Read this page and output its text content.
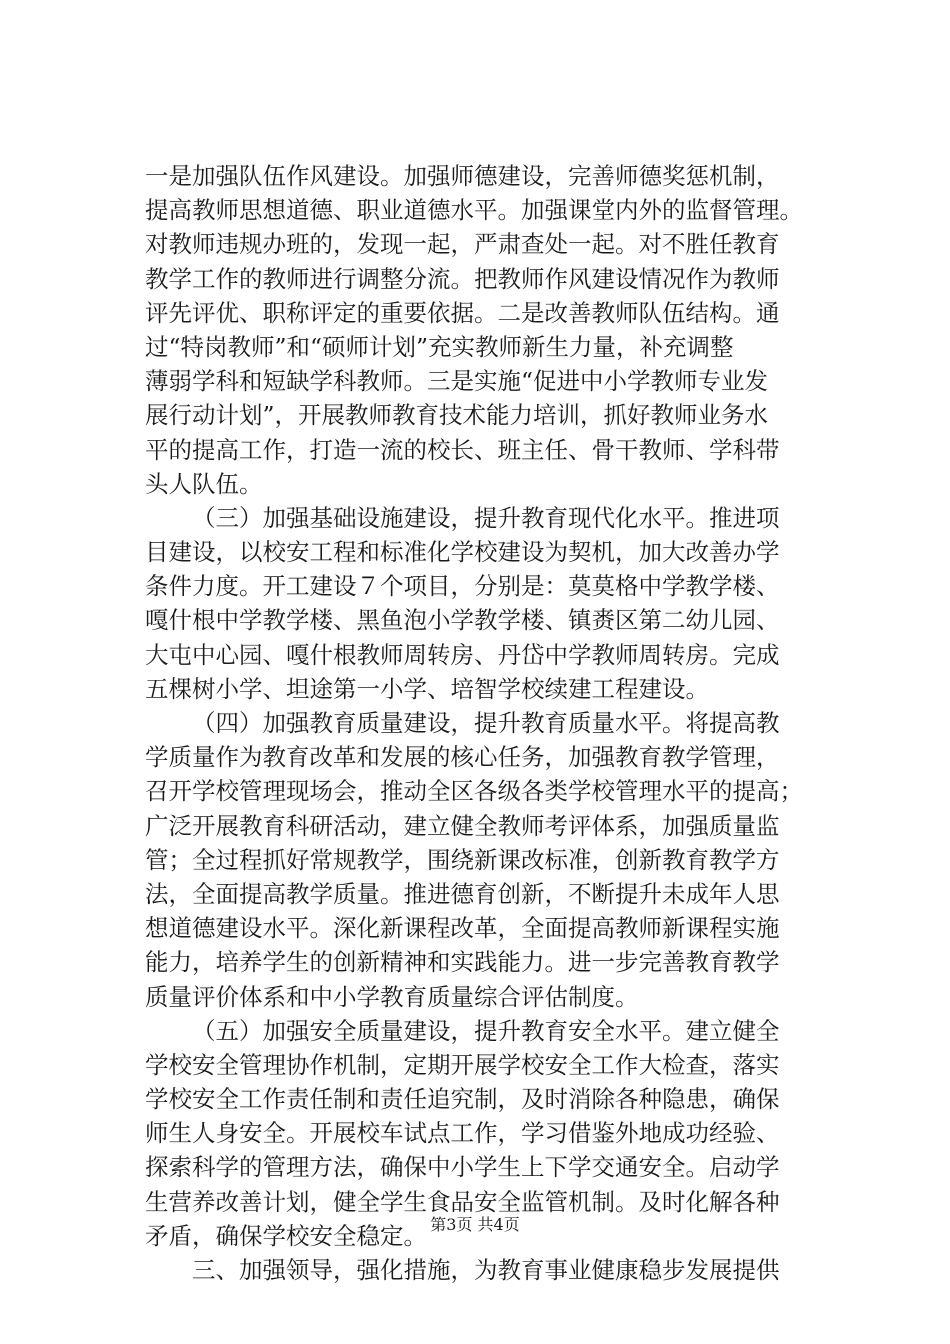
一是加强队伍作风建设。加强师德建设，完善师德奖惩机制，
提高教师思想道德、职业道德水平。加强课堂内外的监督管理。
对教师违规办班的，发现一起，严肃查处一起。对不胜任教育
教学工作的教师进行调整分流。把教师作风建设情况作为教师
评先评优、职称评定的重要依据。二是改善教师队伍结构。通
过“特岗教师”和“硕师计划”充实教师新生力量，补充调整
薄弱学科和短缺学科教师。三是实施“促进中小学教师专业发
展行动计划”，开展教师教育技术能力培训，抓好教师业务水
平的提高工作，打造一流的校长、班主任、骨干教师、学科带
头人队伍。
（三）加强基础设施建设，提升教育现代化水平。推进项
目建设，以校安工程和标准化学校建设为契机，加大改善办学
条件力度。开工建设７个项目，分别是：莫莫格中学教学楼、
嘎什根中学教学楼、黑鱼泡小学教学楼、镇赉区第二幼儿园、
大屯中心园、嘎什根教师周转房、丹岱中学教师周转房。完成
五棵树小学、坦途第一小学、培智学校续建工程建设。
（四）加强教育质量建设，提升教育质量水平。将提高教
学质量作为教育改革和发展的核心任务，加强教育教学管理，
召开学校管理现场会，推动全区各级各类学校管理水平的提高；
广泛开展教育科研活动，建立健全教师考评体系，加强质量监
管；全过程抓好常规教学，围绕新课改标准，创新教育教学方
法，全面提高教学质量。推进德育创新，不断提升未成年人思
想道德建设水平。深化新课程改革，全面提高教师新课程实施
能力，培养学生的创新精神和实践能力。进一步完善教育教学
质量评价体系和中小学教育质量综合评估制度。
（五）加强安全质量建设，提升教育安全水平。建立健全
学校安全管理协作机制，定期开展学校安全工作大检查，落实
学校安全工作责任制和责任追究制，及时消除各种隐患，确保
师生人身安全。开展校车试点工作，学习借鉴外地成功经验、
探索科学的管理方法，确保中小学生上下学交通安全。启动学
生营养改善计划，健全学生食品安全监管机制。及时化解各种
矛盾，确保学校安全稳定。
三、加强领导，强化措施，为教育事业健康稳步发展提供
第3页 共4页
